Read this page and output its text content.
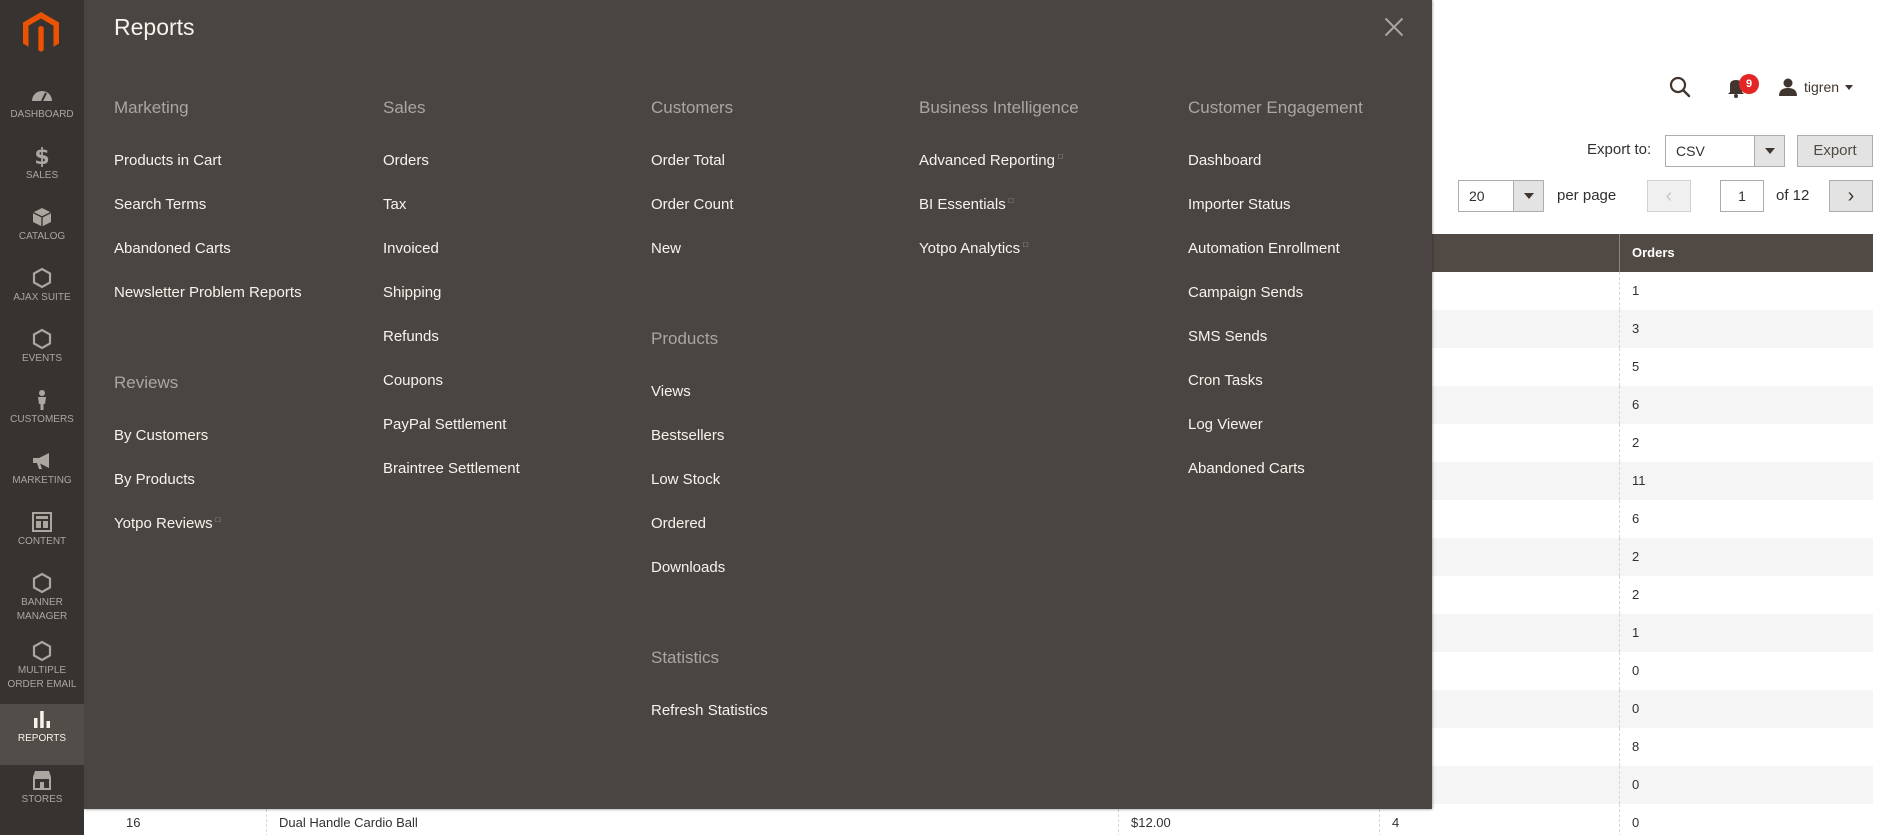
9	tigren
Export to:	CSV	Export
20	per page ‹	1	of 12 ›
Orders
1
3
5
6
2
11
6
2
2
1
0
0
8
0
16	Dual Handle Cardio Ball	$12.00	4	0
Reports
Marketing
Products in Cart
Search Terms
Abandoned Carts
Newsletter Problem Reports
Reviews
By Customers
By Products
Yotpo Reviews □
Sales
Orders
Tax
Invoiced
Shipping
Refunds
Coupons
PayPal Settlement
Braintree Settlement
Customers
Order Total
Order Count
New
Products
Views
Bestsellers
Low Stock
Ordered
Downloads
Statistics
Refresh Statistics
Business Intelligence
Advanced Reporting □
BI Essentials □
Yotpo Analytics □
Customer Engagement
Dashboard
Importer Status
Automation Enrollment
Campaign Sends
SMS Sends
Cron Tasks
Log Viewer
Abandoned Carts
DASHBOARD
$
SALES
CATALOG
AJAX SUITE
EVENTS
CUSTOMERS
MARKETING
CONTENT
BANNER MANAGER
MULTIPLE ORDER EMAIL
REPORTS
STORES
